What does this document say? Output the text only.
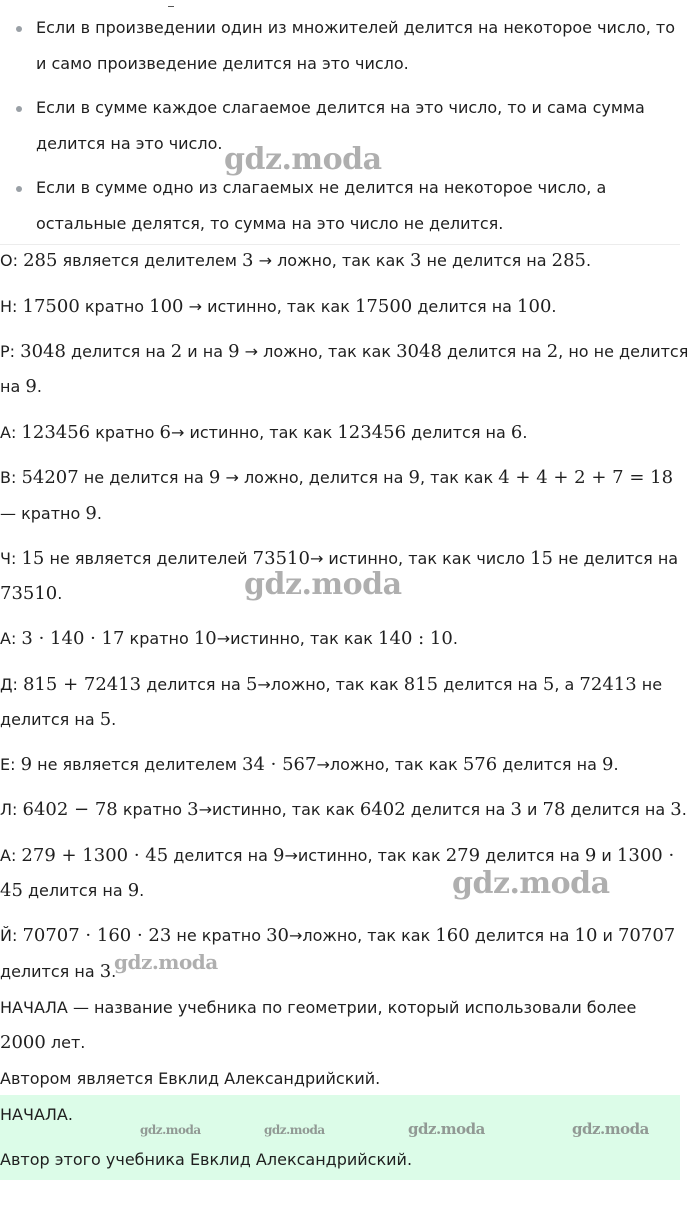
Если в произведении один из множителей делится на некоторое число, то и само произведение делится на это число.
Если в сумме каждое слагаемое делится на это число, то и сама сумма делится на это число.
Если в сумме одно из слагаемых не делится на некоторое число, а остальные делятся, то сумма на это число не делится.
О: 285 является делителем 3 → ложно, так как 3 не делится на 285.
Н: 17500 кратно 100 → истинно, так как 17500 делится на 100.
Р: 3048 делится на 2 и на 9 → ложно, так как 3048 делится на 2, но не делится
на 9.
А: 123456 кратно 6→ истинно, так как 123456 делится на 6.
В: 54207 не делится на 9 → ложно, делится на 9, так как 4 + 4 + 2 + 7 = 18
— кратно 9.
Ч: 15 не является делителей 73510→ истинно, так как число 15 не делится на
73510.
А: 3 · 140 · 17 кратно 10→истинно, так как 140 : 10.
Д: 815 + 72413 делится на 5→ложно, так как 815 делится на 5, а 72413 не
делится на 5.
Е: 9 не является делителем 34 · 567→ложно, так как 576 делится на 9.
Л: 6402 − 78 кратно 3→истинно, так как 6402 делится на 3 и 78 делится на 3.
А: 279 + 1300 · 45 делится на 9→истинно, так как 279 делится на 9 и 1300 ·
45 делится на 9.
Й: 70707 · 160 · 23 не кратно 30→ложно, так как 160 делится на 10 и 70707
делится на 3.
НАЧАЛА — название учебника по геометрии, который использовали более
2000 лет.
Автором является Евклид Александрийский.
НАЧАЛА.
Автор этого учебника Евклид Александрийский.
gdz.moda
gdz.moda
gdz.moda
gdz.moda
gdz.moda	gdz.moda	gdz.moda	gdz.moda
